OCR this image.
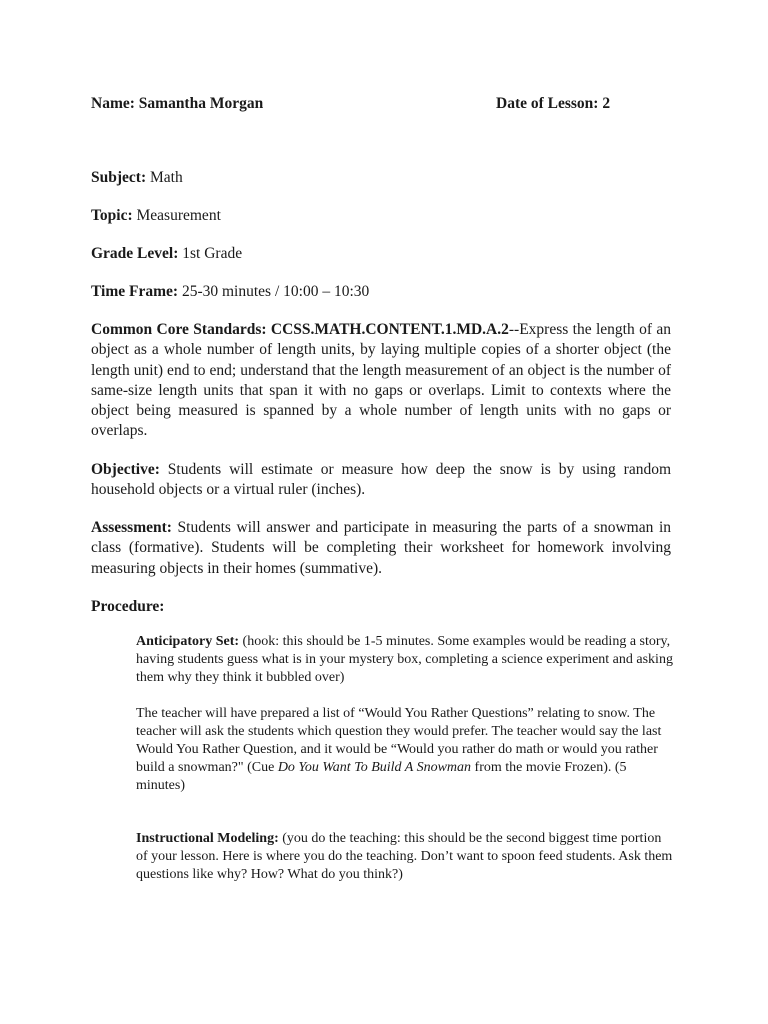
Name: Samantha Morgan	Date of Lesson: 2
Subject: Math
Topic: Measurement
Grade Level: 1st Grade
Time Frame: 25-30 minutes / 10:00 – 10:30
Common Core Standards: CCSS.MATH.CONTENT.1.MD.A.2--Express the length of an object as a whole number of length units, by laying multiple copies of a shorter object (the length unit) end to end; understand that the length measurement of an object is the number of same-size length units that span it with no gaps or overlaps. Limit to contexts where the object being measured is spanned by a whole number of length units with no gaps or overlaps.
Objective: Students will estimate or measure how deep the snow is by using random household objects or a virtual ruler (inches).
Assessment: Students will answer and participate in measuring the parts of a snowman in class (formative). Students will be completing their worksheet for homework involving measuring objects in their homes (summative).
Procedure:
Anticipatory Set: (hook: this should be 1-5 minutes. Some examples would be reading a story, having students guess what is in your mystery box, completing a science experiment and asking them why they think it bubbled over)
The teacher will have prepared a list of “Would You Rather Questions” relating to snow. The teacher will ask the students which question they would prefer. The teacher would say the last Would You Rather Question, and it would be “Would you rather do math or would you rather build a snowman?" (Cue Do You Want To Build A Snowman from the movie Frozen). (5 minutes)
Instructional Modeling: (you do the teaching: this should be the second biggest time portion of your lesson. Here is where you do the teaching. Don’t want to spoon feed students. Ask them questions like why? How? What do you think?)
